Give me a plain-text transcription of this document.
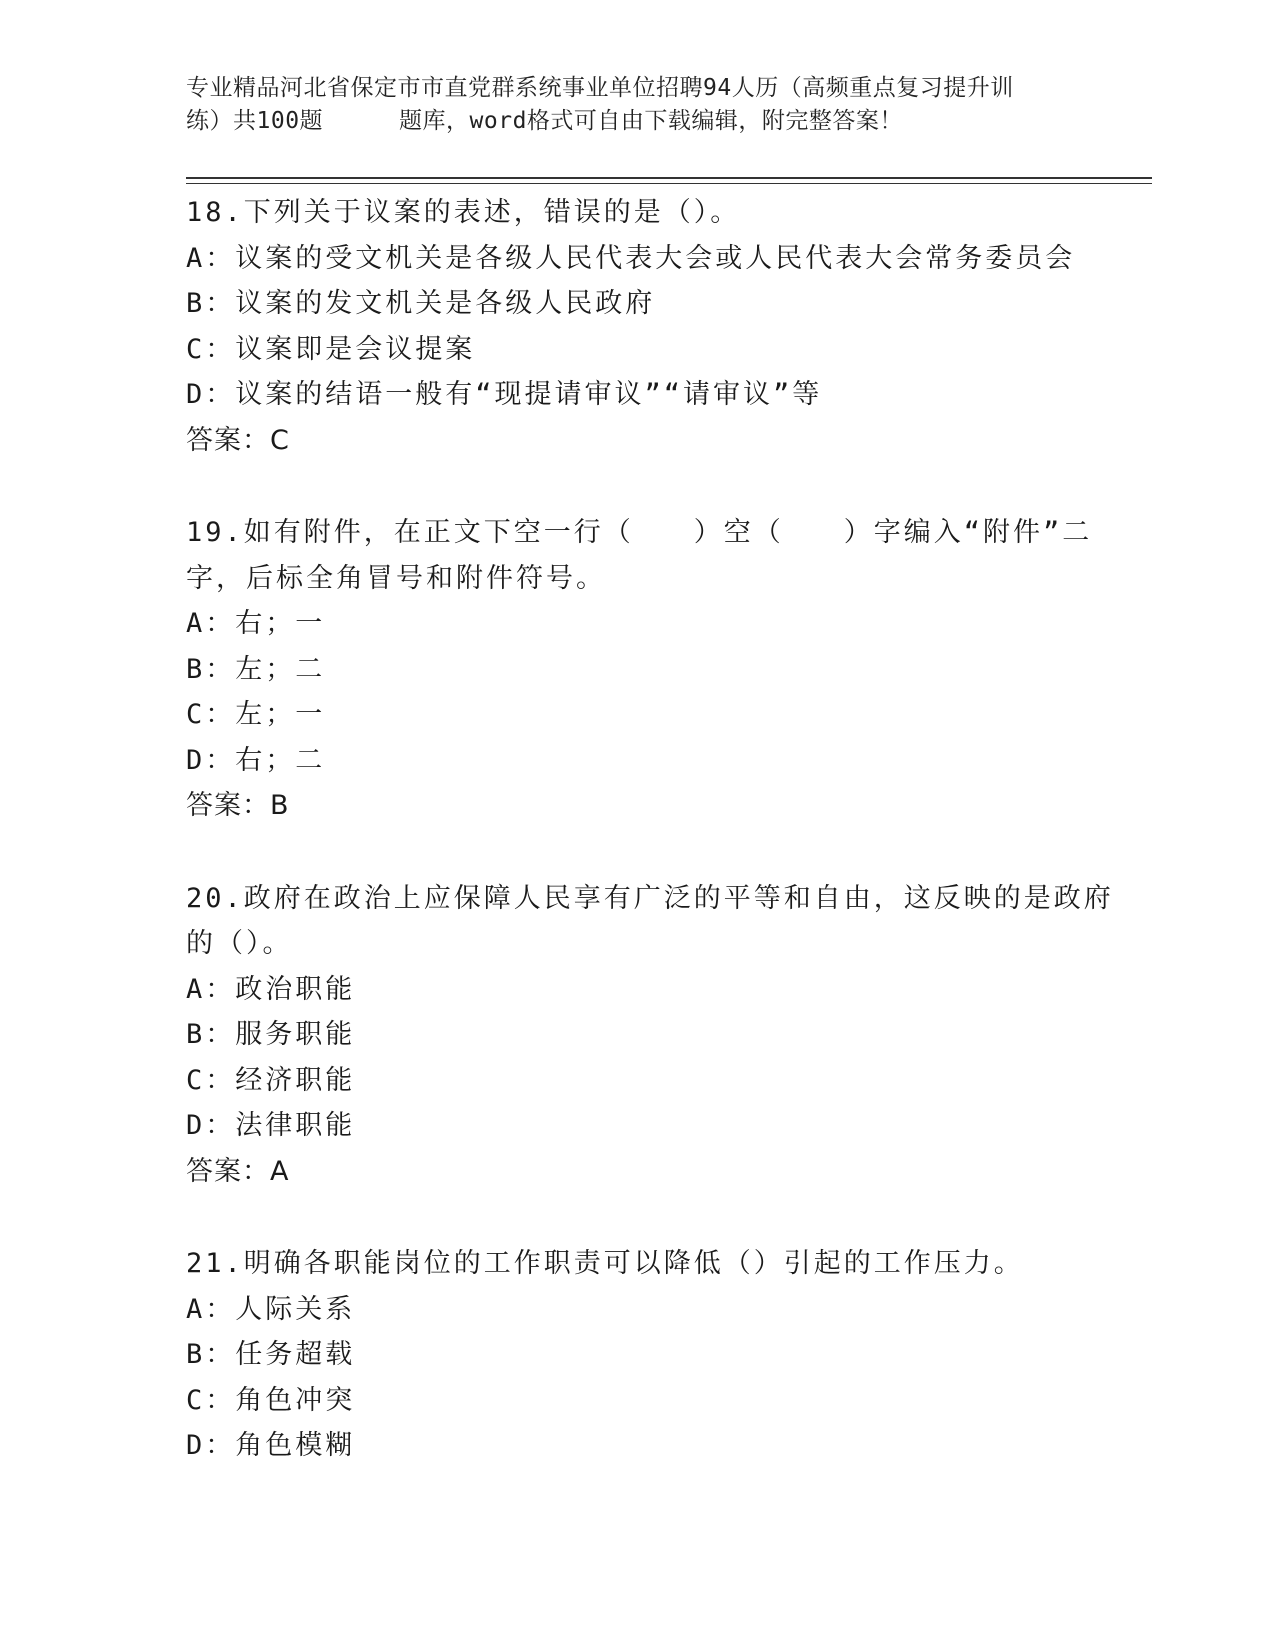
专业精品河北省保定市市直党群系统事业单位招聘94人历（高频重点复习提升训
练）共100题	题库，word格式可自由下载编辑，附完整答案！
18.下列关于议案的表述，错误的是（）。
A：议案的受文机关是各级人民代表大会或人民代表大会常务委员会
B：议案的发文机关是各级人民政府
C：议案即是会议提案
D：议案的结语一般有“现提请审议”“请审议”等
答案：C
19.如有附件，在正文下空一行（　　）空（　　）字编入“附件”二
字，后标全角冒号和附件符号。
A：右；一
B：左；二
C：左；一
D：右；二
答案：B
20.政府在政治上应保障人民享有广泛的平等和自由，这反映的是政府
的（）。
A：政治职能
B：服务职能
C：经济职能
D：法律职能
答案：A
21.明确各职能岗位的工作职责可以降低（）引起的工作压力。
A：人际关系
B：任务超载
C：角色冲突
D：角色模糊
